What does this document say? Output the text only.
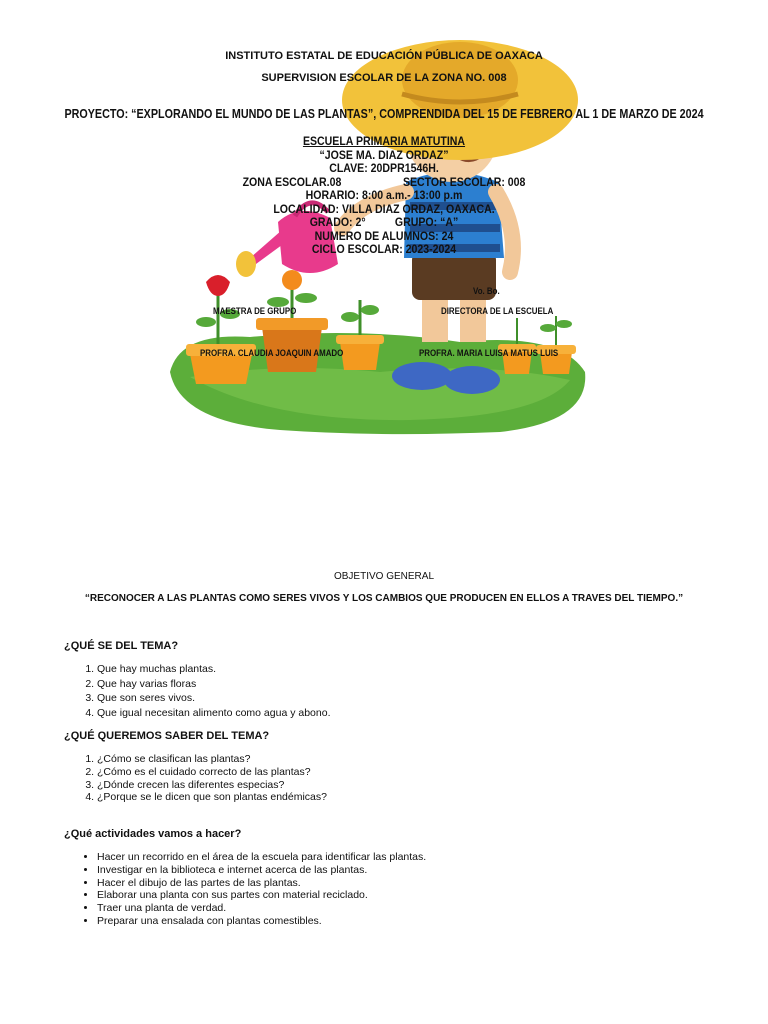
INSTITUTO ESTATAL DE EDUCACIÓN PÚBLICA DE OAXACA
SUPERVISION ESCOLAR DE LA ZONA NO. 008
PROYECTO: “EXPLORANDO EL MUNDO DE LAS PLANTAS”, COMPRENDIDA DEL 15 DE FEBRERO AL 1 DE MARZO DE 2024
ESCUELA PRIMARIA MATUTINA
“JOSE MA. DIAZ ORDAZ”
CLAVE: 20DPR1546H.
ZONA ESCOLAR.08                     SECTOR ESCOLAR: 008
HORARIO: 8:00 a.m.- 13:00 p.m
LOCALIDAD: VILLA DIAZ ORDAZ, OAXACA.
GRADO: 2°          GRUPO: “A”
NUMERO DE ALUMNOS: 24
CICLO ESCOLAR: 2023-2024
Vo. Bo.
MAESTRA DE GRUPO	DIRECTORA DE LA ESCUELA
PROFRA. CLAUDIA JOAQUIN AMADO	PROFRA. MARIA LUISA MATUS LUIS
OBJETIVO GENERAL
“RECONOCER A LAS PLANTAS COMO SERES VIVOS Y LOS CAMBIOS QUE PRODUCEN EN ELLOS A TRAVES DEL TIEMPO.”
¿QUÉ SE DEL TEMA?
1. Que hay muchas plantas.
2. Que hay varias floras
3. Que son seres vivos.
4. Que igual necesitan alimento como agua y abono.
¿QUÉ QUEREMOS SABER DEL TEMA?
1. ¿Cómo se clasifican las plantas?
2. ¿Cómo es el cuidado correcto de las plantas?
3. ¿Dónde crecen las diferentes especias?
4. ¿Porque se le dicen que son plantas endémicas?
¿Qué actividades vamos a hacer?
• Hacer un recorrido en el área de la escuela para identificar las plantas.
• Investigar en la biblioteca e internet acerca de las plantas.
• Hacer el dibujo de las partes de las plantas.
• Elaborar una planta con sus partes con material reciclado.
• Traer una planta de verdad.
• Preparar una ensalada con plantas comestibles.
